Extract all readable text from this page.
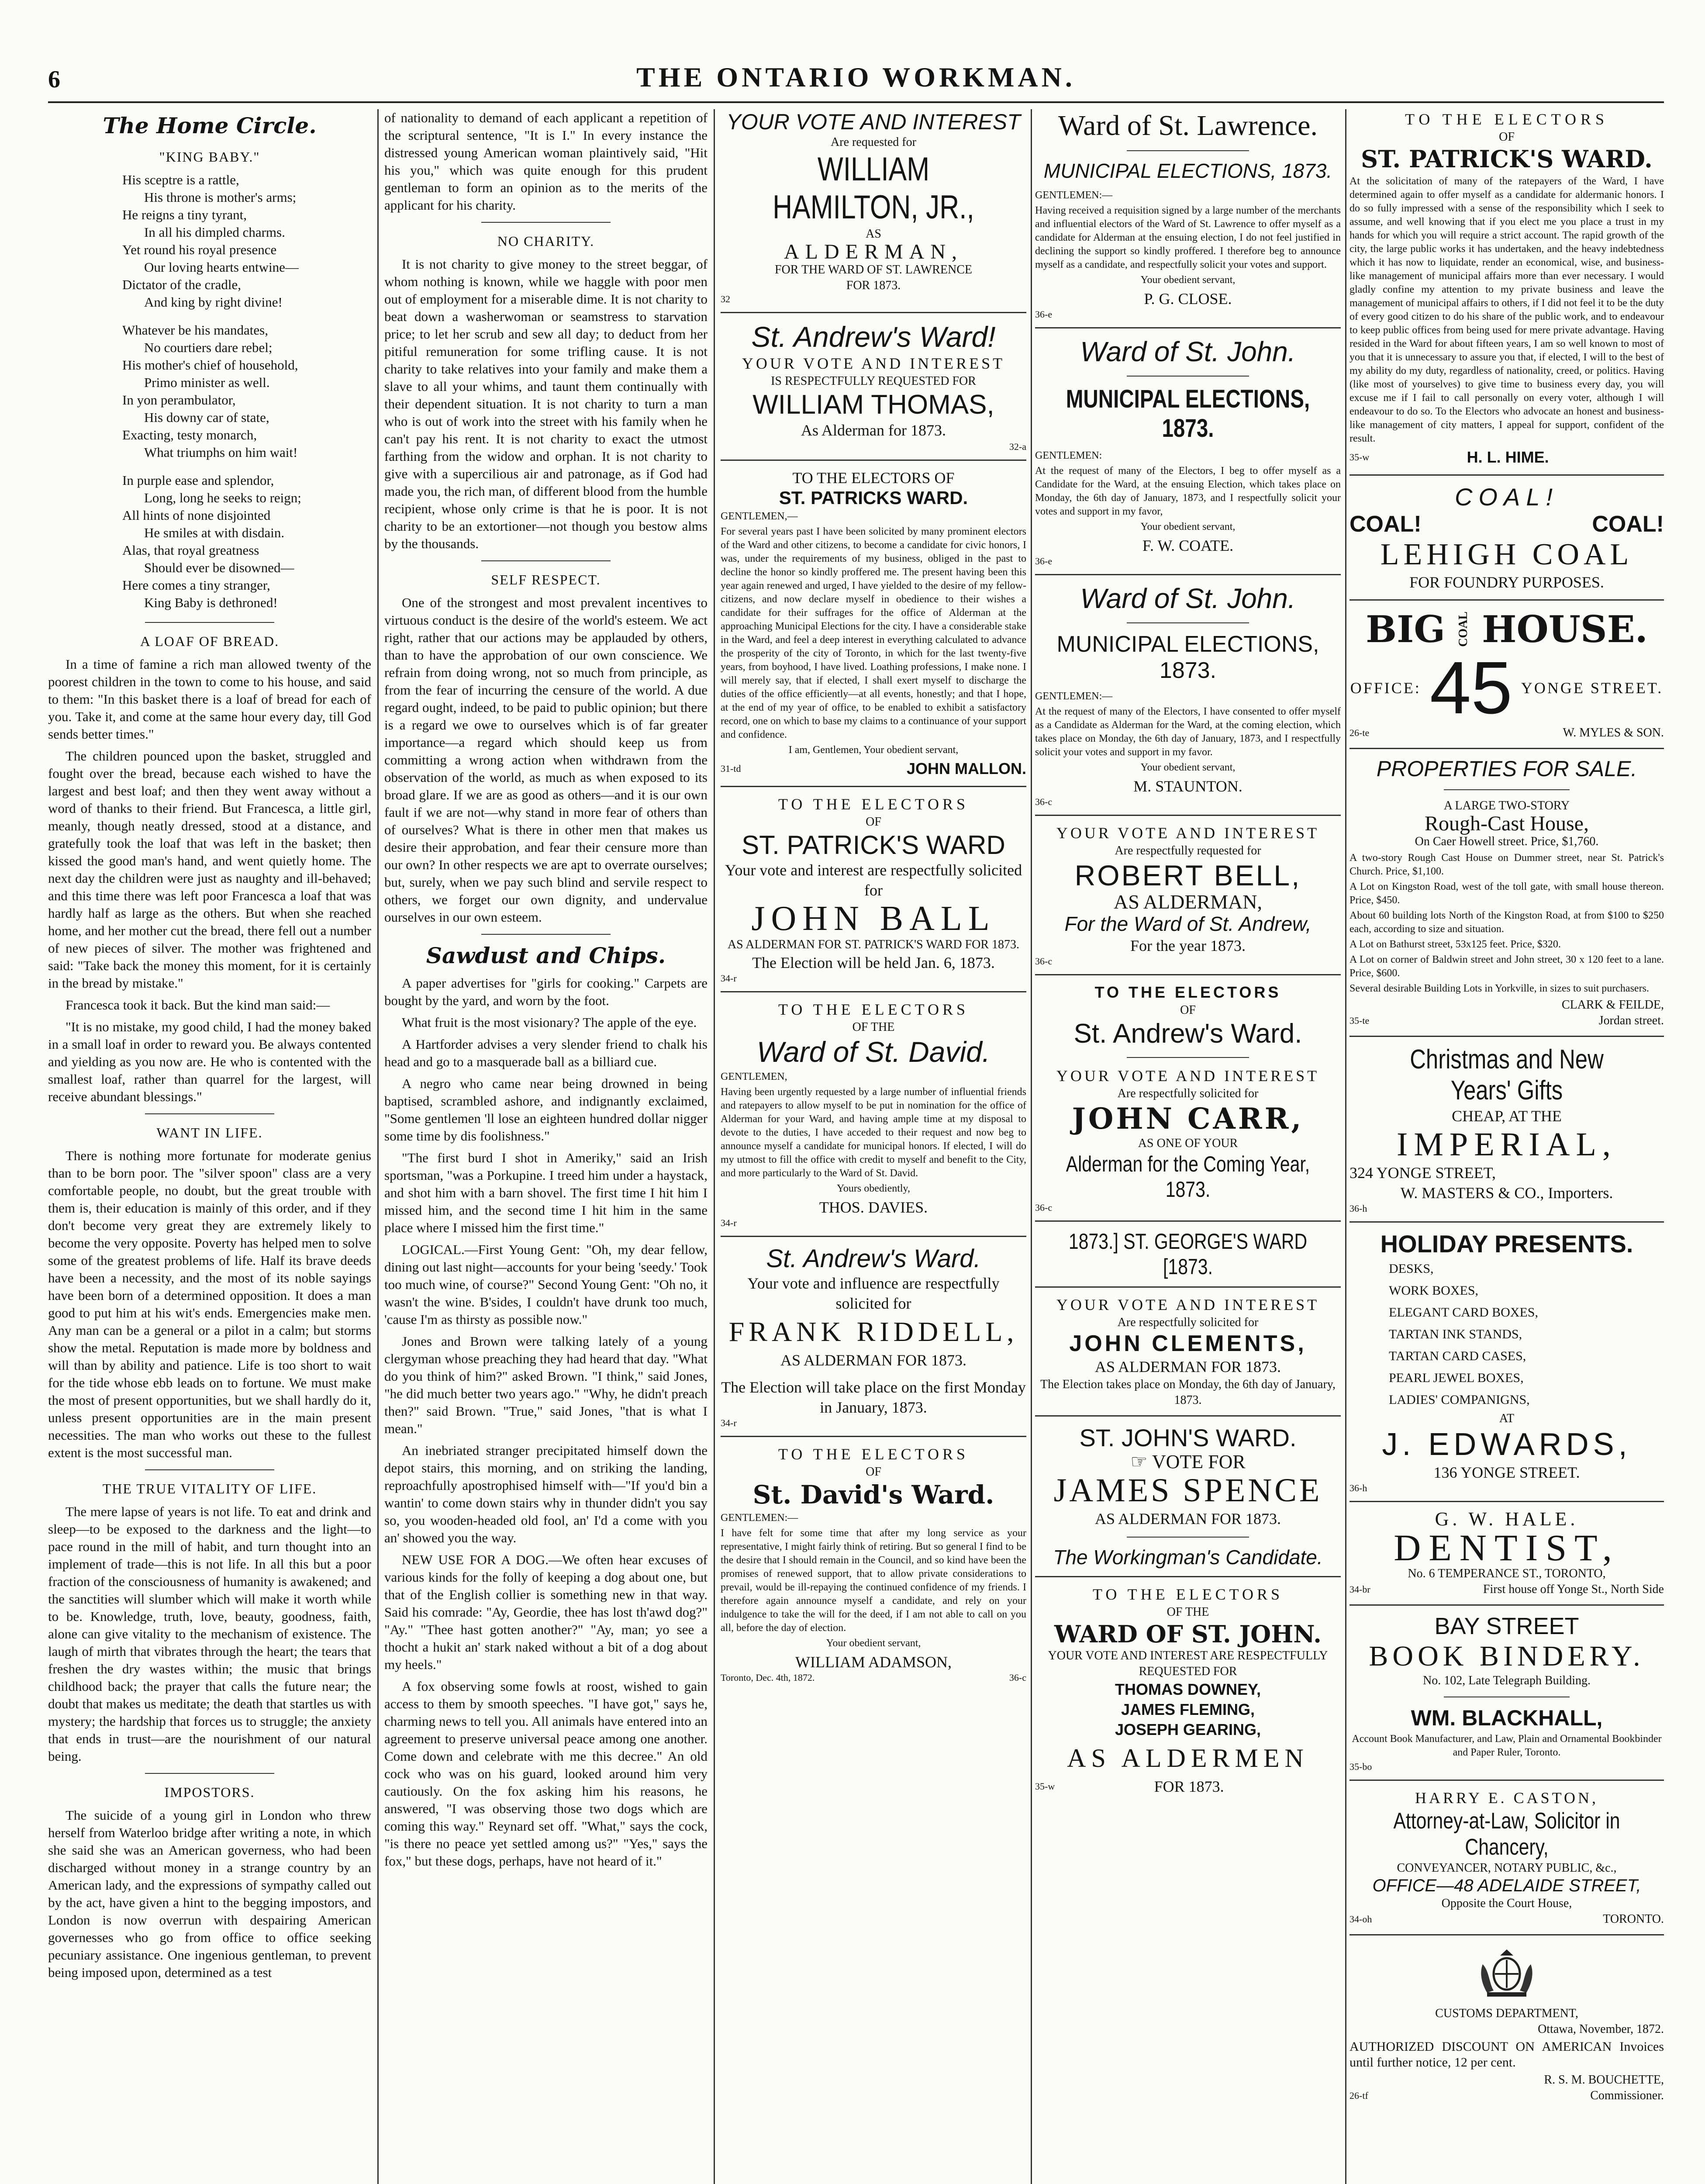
6	THE ONTARIO WORKMAN.
The Home Circle.
"KING BABY."

His sceptre is a rattle,

His throne is mother's arms;

He reigns a tiny tyrant,

In all his dimpled charms.

Yet round his royal presence

Our loving hearts entwine—

Dictator of the cradle,

And king by right divine!

Whatever be his mandates,

No courtiers dare rebel;

His mother's chief of household,

Primo minister as well.

In yon perambulator,

His downy car of state,

Exacting, testy monarch,

What triumphs on him wait!

In purple ease and splendor,

Long, long he seeks to reign;

All hints of none disjointed

He smiles at with disdain.

Alas, that royal greatness

Should ever be disowned—

Here comes a tiny stranger,

King Baby is dethroned!

A LOAF OF BREAD.

In a time of famine a rich man allowed twenty of the poorest children in the town to come to his house, and said to them: "In this basket there is a loaf of bread for each of you. Take it, and come at the same hour every day, till God sends better times."

The children pounced upon the basket, struggled and fought over the bread, because each wished to have the largest and best loaf; and then they went away without a word of thanks to their friend. But Francesca, a little girl, meanly, though neatly dressed, stood at a distance, and gratefully took the loaf that was left in the basket; then kissed the good man's hand, and went quietly home. The next day the children were just as naughty and ill-behaved; and this time there was left poor Francesca a loaf that was hardly half as large as the others. But when she reached home, and her mother cut the bread, there fell out a number of new pieces of silver. The mother was frightened and said: "Take back the money this moment, for it is certainly in the bread by mistake."

Francesca took it back. But the kind man said:—

"It is no mistake, my good child, I had the money baked in a small loaf in order to reward you. Be always contented and yielding as you now are. He who is contented with the smallest loaf, rather than quarrel for the largest, will receive abundant blessings."

WANT IN LIFE.

There is nothing more fortunate for moderate genius than to be born poor. The "silver spoon" class are a very comfortable people, no doubt, but the great trouble with them is, their education is mainly of this order, and if they don't become very great they are extremely likely to become the very opposite. Poverty has helped men to solve some of the greatest problems of life. Half its brave deeds have been a necessity, and the most of its noble sayings have been born of a determined opposition. It does a man good to put him at his wit's ends. Emergencies make men. Any man can be a general or a pilot in a calm; but storms show the metal. Reputation is made more by boldness and will than by ability and patience. Life is too short to wait for the tide whose ebb leads on to fortune. We must make the most of present opportunities, but we shall hardly do it, unless present opportunities are in the main present necessities. The man who works out these to the fullest extent is the most successful man.

THE TRUE VITALITY OF LIFE.

The mere lapse of years is not life. To eat and drink and sleep—to be exposed to the darkness and the light—to pace round in the mill of habit, and turn thought into an implement of trade—this is not life. In all this but a poor fraction of the consciousness of humanity is awakened; and the sanctities will slumber which will make it worth while to be. Knowledge, truth, love, beauty, goodness, faith, alone can give vitality to the mechanism of existence. The laugh of mirth that vibrates through the heart; the tears that freshen the dry wastes within; the music that brings childhood back; the prayer that calls the future near; the doubt that makes us meditate; the death that startles us with mystery; the hardship that forces us to struggle; the anxiety that ends in trust—are the nourishment of our natural being.

IMPOSTORS.

The suicide of a young girl in London who threw herself from Waterloo bridge after writing a note, in which she said she was an American governess, who had been discharged without money in a strange country by an American lady, and the expressions of sympathy called out by the act, have given a hint to the begging impostors, and London is now overrun with despairing American governesses who go from office to office seeking pecuniary assistance. One ingenious gentleman, to prevent being imposed upon, determined as a test

of nationality to demand of each applicant a repetition of the scriptural sentence, "It is I." In every instance the distressed young American woman plaintively said, "Hit his you," which was quite enough for this prudent gentleman to form an opinion as to the merits of the applicant for his charity.

NO CHARITY.

It is not charity to give money to the street beggar, of whom nothing is known, while we haggle with poor men out of employment for a miserable dime. It is not charity to beat down a washerwoman or seamstress to starvation price; to let her scrub and sew all day; to deduct from her pitiful remuneration for some trifling cause. It is not charity to take relatives into your family and make them a slave to all your whims, and taunt them continually with their dependent situation. It is not charity to turn a man who is out of work into the street with his family when he can't pay his rent. It is not charity to exact the utmost farthing from the widow and orphan. It is not charity to give with a supercilious air and patronage, as if God had made you, the rich man, of different blood from the humble recipient, whose only crime is that he is poor. It is not charity to be an extortioner—not though you bestow alms by the thousands.

SELF RESPECT.

One of the strongest and most prevalent incentives to virtuous conduct is the desire of the world's esteem. We act right, rather that our actions may be applauded by others, than to have the approbation of our own conscience. We refrain from doing wrong, not so much from principle, as from the fear of incurring the censure of the world. A due regard ought, indeed, to be paid to public opinion; but there is a regard we owe to ourselves which is of far greater importance—a regard which should keep us from committing a wrong action when withdrawn from the observation of the world, as much as when exposed to its broad glare. If we are as good as others—and it is our own fault if we are not—why stand in more fear of others than of ourselves? What is there in other men that makes us desire their approbation, and fear their censure more than our own? In other respects we are apt to overrate ourselves; but, surely, when we pay such blind and servile respect to others, we forget our own dignity, and undervalue ourselves in our own esteem.

Sawdust and Chips.

A paper advertises for "girls for cooking." Carpets are bought by the yard, and worn by the foot.

What fruit is the most visionary? The apple of the eye.

A Hartforder advises a very slender friend to chalk his head and go to a masquerade ball as a billiard cue.

A negro who came near being drowned in being baptised, scrambled ashore, and indignantly exclaimed, "Some gentlemen 'll lose an eighteen hundred dollar nigger some time by dis foolishness."

"The first burd I shot in Ameriky," said an Irish sportsman, "was a Porkupine. I treed him under a haystack, and shot him with a barn shovel. The first time I hit him I missed him, and the second time I hit him in the same place where I missed him the first time."

LOGICAL.—First Young Gent: "Oh, my dear fellow, dining out last night—accounts for your being 'seedy.' Took too much wine, of course?" Second Young Gent: "Oh no, it wasn't the wine. B'sides, I couldn't have drunk too much, 'cause I'm as thirsty as possible now."

Jones and Brown were talking lately of a young clergyman whose preaching they had heard that day. "What do you think of him?" asked Brown. "I think," said Jones, "he did much better two years ago." "Why, he didn't preach then?" said Brown. "True," said Jones, "that is what I mean."

An inebriated stranger precipitated himself down the depot stairs, this morning, and on striking the landing, reproachfully apostrophised himself with—"If you'd bin a wantin' to come down stairs why in thunder didn't you say so, you wooden-headed old fool, an' I'd a come with you an' showed you the way.

NEW USE FOR A DOG.—We often hear excuses of various kinds for the folly of keeping a dog about one, but that of the English collier is something new in that way. Said his comrade: "Ay, Geordie, thee has lost th'awd dog?" "Ay." "Thee hast gotten another?" "Ay, man; yo see a thocht a hukit an' stark naked without a bit of a dog about my heels."

A fox observing some fowls at roost, wished to gain access to them by smooth speeches. "I have got," says he, charming news to tell you. All animals have entered into an agreement to preserve universal peace among one another. Come down and celebrate with me this decree." An old cock who was on his guard, looked around him very cautiously. On the fox asking him his reasons, he answered, "I was observing those two dogs which are coming this way." Reynard set off. "What," says the cock, "is there no peace yet settled among us?" "Yes," says the fox," but these dogs, perhaps, have not heard of it."

YOUR VOTE AND INTEREST
Are requested for
WILLIAM HAMILTON, JR.,
AS
ALDERMAN,
FOR THE WARD OF ST. LAWRENCE
FOR 1873.
32
St. Andrew's Ward!
YOUR VOTE AND INTEREST
IS RESPECTFULLY REQUESTED FOR
WILLIAM THOMAS,
As Alderman for 1873.
32-a
TO THE ELECTORS OF
ST. PATRICKS WARD.
GENTLEMEN,—
For several years past I have been solicited by many prominent electors of the Ward and other citizens, to become a candidate for civic honors, I was, under the requirements of my business, obliged in the past to decline the honor so kindly proffered me. The present having been this year again renewed and urged, I have yielded to the desire of my fellow-citizens, and now declare myself in obedience to their wishes a candidate for their suffrages for the office of Alderman at the approaching Municipal Elections for the city. I have a considerable stake in the Ward, and feel a deep interest in everything calculated to advance the prosperity of the city of Toronto, in which for the last twenty-five years, from boyhood, I have lived. Loathing professions, I make none. I will merely say, that if elected, I shall exert myself to discharge the duties of the office efficiently—at all events, honestly; and that I hope, at the end of my year of office, to be enabled to exhibit a satisfactory record, one on which to base my claims to a continuance of your support and confidence.
I am, Gentlemen, Your obedient servant,
31-td	JOHN MALLON.
TO THE ELECTORS
OF
ST. PATRICK'S WARD
Your vote and interest are respectfully solicited for
JOHN BALL
AS ALDERMAN FOR ST. PATRICK'S WARD FOR 1873.
The Election will be held Jan. 6, 1873.
34-r
TO THE ELECTORS
OF THE
Ward of St. David.
GENTLEMEN,
Having been urgently requested by a large number of influential friends and ratepayers to allow myself to be put in nomination for the office of Alderman for your Ward, and having ample time at my disposal to devote to the duties, I have acceded to their request and now beg to announce myself a candidate for municipal honors. If elected, I will do my utmost to fill the office with credit to myself and benefit to the City, and more particularly to the Ward of St. David.
Yours obediently,
THOS. DAVIES.
34-r
St. Andrew's Ward.
Your vote and influence are respectfully solicited for
FRANK RIDDELL,
AS ALDERMAN FOR 1873.
The Election will take place on the first Monday in January, 1873.
34-r
TO THE ELECTORS
OF
St. David's Ward.
GENTLEMEN:—
I have felt for some time that after my long service as your representative, I might fairly think of retiring. But so general I find to be the desire that I should remain in the Council, and so kind have been the promises of renewed support, that to allow private considerations to prevail, would be ill-repaying the continued confidence of my friends. I therefore again announce myself a candidate, and rely on your indulgence to take the will for the deed, if I am not able to call on you all, before the day of election.
Your obedient servant,
WILLIAM ADAMSON,
Toronto, Dec. 4th, 1872.	36-c
Ward of St. Lawrence.
MUNICIPAL ELECTIONS, 1873.
GENTLEMEN:—
Having received a requisition signed by a large number of the merchants and influential electors of the Ward of St. Lawrence to offer myself as a candidate for Alderman at the ensuing election, I do not feel justified in declining the support so kindly proffered. I therefore beg to announce myself as a candidate, and respectfully solicit your votes and support.
Your obedient servant,
P. G. CLOSE.
36-e
Ward of St. John.
MUNICIPAL ELECTIONS, 1873.
GENTLEMEN:
At the request of many of the Electors, I beg to offer myself as a Candidate for the Ward, at the ensuing Election, which takes place on Monday, the 6th day of January, 1873, and I respectfully solicit your votes and support in my favor,
Your obedient servant,
F. W. COATE.
36-e
Ward of St. John.
MUNICIPAL ELECTIONS, 1873.
GENTLEMEN:—
At the request of many of the Electors, I have consented to offer myself as a Candidate as Alderman for the Ward, at the coming election, which takes place on Monday, the 6th day of January, 1873, and I respectfully solicit your votes and support in my favor.
Your obedient servant,
M. STAUNTON.
36-c
YOUR VOTE AND INTEREST
Are respectfully requested for
ROBERT BELL,
AS ALDERMAN,
For the Ward of St. Andrew,
For the year 1873.
36-c
TO THE ELECTORS
OF
St. Andrew's Ward.
YOUR VOTE AND INTEREST
Are respectfully solicited for
JOHN CARR,
AS ONE OF YOUR
Alderman for the Coming Year, 1873.
36-c
1873.] ST. GEORGE'S WARD [1873.
YOUR VOTE AND INTEREST
Are respectfully solicited for
JOHN CLEMENTS,
AS ALDERMAN FOR 1873.
The Election takes place on Monday, the 6th day of January, 1873.
ST. JOHN'S WARD.
☞ VOTE FOR
JAMES SPENCE
AS ALDERMAN FOR 1873.
The Workingman's Candidate.
TO THE ELECTORS
OF THE
WARD OF ST. JOHN.
YOUR VOTE AND INTEREST ARE RESPECTFULLY REQUESTED FOR
THOMAS DOWNEY,
JAMES FLEMING,
JOSEPH GEARING,
AS ALDERMEN
35-w	FOR 1873.
TO THE ELECTORS
OF
ST. PATRICK'S WARD.
At the solicitation of many of the ratepayers of the Ward, I have determined again to offer myself as a candidate for aldermanic honors. I do so fully impressed with a sense of the responsibility which I seek to assume, and well knowing that if you elect me you place a trust in my hands for which you will require a strict account. The rapid growth of the city, the large public works it has undertaken, and the heavy indebtedness which it has now to liquidate, render an economical, wise, and business-like management of municipal affairs more than ever necessary. I would gladly confine my attention to my private business and leave the management of municipal affairs to others, if I did not feel it to be the duty of every good citizen to do his share of the public work, and to endeavour to keep public offices from being used for mere private advantage. Having resided in the Ward for about fifteen years, I am so well known to most of you that it is unnecessary to assure you that, if elected, I will to the best of my ability do my duty, regardless of nationality, creed, or politics. Having (like most of yourselves) to give time to business every day, you will excuse me if I fail to call personally on every voter, although I will endeavour to do so. To the Electors who advocate an honest and business-like management of city matters, I appeal for support, confident of the result.
35-w	H. L. HIME.
COAL!
COAL!	COAL!
LEHIGH COAL
FOR FOUNDRY PURPOSES.
BIG COAL HOUSE.
OFFICE: 45 YONGE STREET.
26-te	W. MYLES & SON.
PROPERTIES FOR SALE.
A LARGE TWO-STORY
Rough-Cast House,
On Caer Howell street. Price, $1,760.
A two-story Rough Cast House on Dummer street, near St. Patrick's Church. Price, $1,100.
A Lot on Kingston Road, west of the toll gate, with small house thereon. Price, $450.
About 60 building lots North of the Kingston Road, at from $100 to $250 each, according to size and situation.
A Lot on Bathurst street, 53x125 feet. Price, $320.
A Lot on corner of Baldwin street and John street, 30 x 120 feet to a lane. Price, $600.
Several desirable Building Lots in Yorkville, in sizes to suit purchasers.
CLARK & FEILDE,
35-te	Jordan street.
Christmas and New Years' Gifts
CHEAP, AT THE
IMPERIAL,
324 YONGE STREET,
W. MASTERS & CO., Importers.
36-h
HOLIDAY PRESENTS.
DESKS,
WORK BOXES,
ELEGANT CARD BOXES,
TARTAN INK STANDS,
TARTAN CARD CASES,
PEARL JEWEL BOXES,
LADIES' COMPANIGNS,
AT
J. EDWARDS,
136 YONGE STREET.
36-h
G. W. HALE.
DENTIST,
No. 6 TEMPERANCE ST., TORONTO,
34-br	First house off Yonge St., North Side
BAY STREET
BOOK BINDERY.
No. 102, Late Telegraph Building.
WM. BLACKHALL,
Account Book Manufacturer, and Law, Plain and Ornamental Bookbinder and Paper Ruler, Toronto.
35-bo
HARRY E. CASTON,
Attorney-at-Law, Solicitor in Chancery,
CONVEYANCER, NOTARY PUBLIC, &c.,
OFFICE—48 ADELAIDE STREET,
Opposite the Court House,
34-oh	TORONTO.
CUSTOMS DEPARTMENT,
Ottawa, November, 1872.
AUTHORIZED DISCOUNT ON AMERICAN Invoices until further notice, 12 per cent.
R. S. M. BOUCHETTE,
26-tf	Commissioner.
